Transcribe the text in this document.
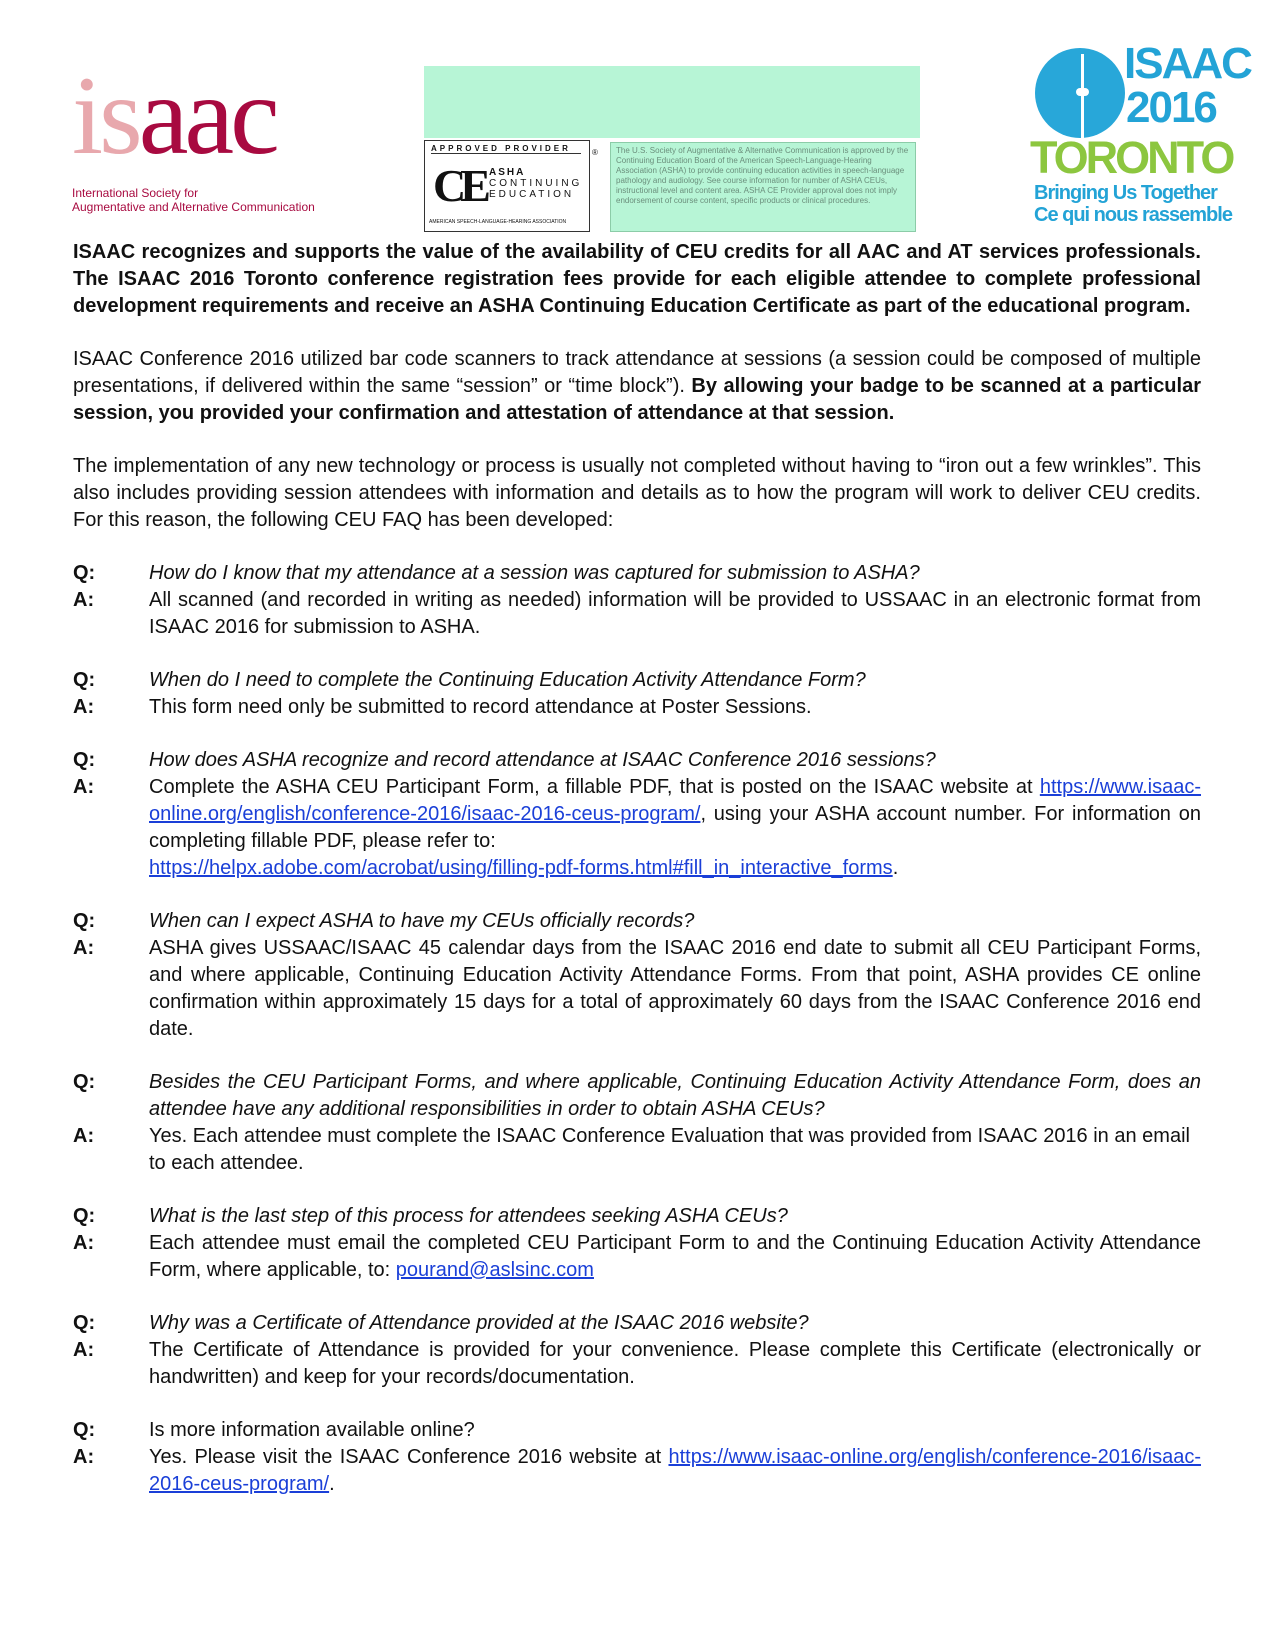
isaac
International Society for
Augmentative and Alternative Communication
APPROVED PROVIDER
CE ASHA
CONTINUING
EDUCATION
AMERICAN SPEECH-LANGUAGE-HEARING ASSOCIATION
®	The U.S. Society of Augmentative & Alternative Communication is approved by the Continuing Education Board of the American Speech-Language-Hearing Association (ASHA) to provide continuing education activities in speech-language pathology and audiology. See course information for number of ASHA CEUs, instructional level and content area. ASHA CE Provider approval does not imply endorsement of course content, specific products or clinical procedures.
ISAAC
2016
TORONTO
Bringing Us Together
Ce qui nous rassemble

ISAAC recognizes and supports the value of the availability of CEU credits for all AAC and AT services professionals. The ISAAC 2016 Toronto conference registration fees provide for each eligible attendee to complete professional development requirements and receive an ASHA Continuing Education Certificate as part of the educational program.

ISAAC Conference 2016 utilized bar code scanners to track attendance at sessions (a session could be composed of multiple presentations, if delivered within the same “session” or “time block”). By allowing your badge to be scanned at a particular session, you provided your confirmation and attestation of attendance at that session.

The implementation of any new technology or process is usually not completed without having to “iron out a few wrinkles”. This also includes providing session attendees with information and details as to how the program will work to deliver CEU credits. For this reason, the following CEU FAQ has been developed:

Q:	How do I know that my attendance at a session was captured for submission to ASHA?
A:	All scanned (and recorded in writing as needed) information will be provided to USSAAC in an electronic format from ISAAC 2016 for submission to ASHA.
Q:	When do I need to complete the Continuing Education Activity Attendance Form?
A:	This form need only be submitted to record attendance at Poster Sessions.
Q:	How does ASHA recognize and record attendance at ISAAC Conference 2016 sessions?
A:	Complete the ASHA CEU Participant Form, a fillable PDF, that is posted on the ISAAC website at https://www.isaac-online.org/english/conference-2016/isaac-2016-ceus-program/, using your ASHA account number. For information on completing fillable PDF, please refer to:
https://helpx.adobe.com/acrobat/using/filling-pdf-forms.html#fill_in_interactive_forms.
Q:	When can I expect ASHA to have my CEUs officially records?
A:	ASHA gives USSAAC/ISAAC 45 calendar days from the ISAAC 2016 end date to submit all CEU Participant Forms, and where applicable, Continuing Education Activity Attendance Forms. From that point, ASHA provides CE online confirmation within approximately 15 days for a total of approximately 60 days from the ISAAC Conference 2016 end date.
Q:	Besides the CEU Participant Forms, and where applicable, Continuing Education Activity Attendance Form, does an attendee have any additional responsibilities in order to obtain ASHA CEUs?
A:	Yes. Each attendee must complete the ISAAC Conference Evaluation that was provided from ISAAC 2016 in an email to each attendee.
Q:	What is the last step of this process for attendees seeking ASHA CEUs?
A:	Each attendee must email the completed CEU Participant Form to and the Continuing Education Activity Attendance Form, where applicable, to: pourand@aslsinc.com
Q:	Why was a Certificate of Attendance provided at the ISAAC 2016 website?
A:	The Certificate of Attendance is provided for your convenience. Please complete this Certificate (electronically or handwritten) and keep for your records/documentation.
Q:	Is more information available online?
A:	Yes. Please visit the ISAAC Conference 2016 website at https://www.isaac-online.org/english/conference-2016/isaac-2016-ceus-program/.
